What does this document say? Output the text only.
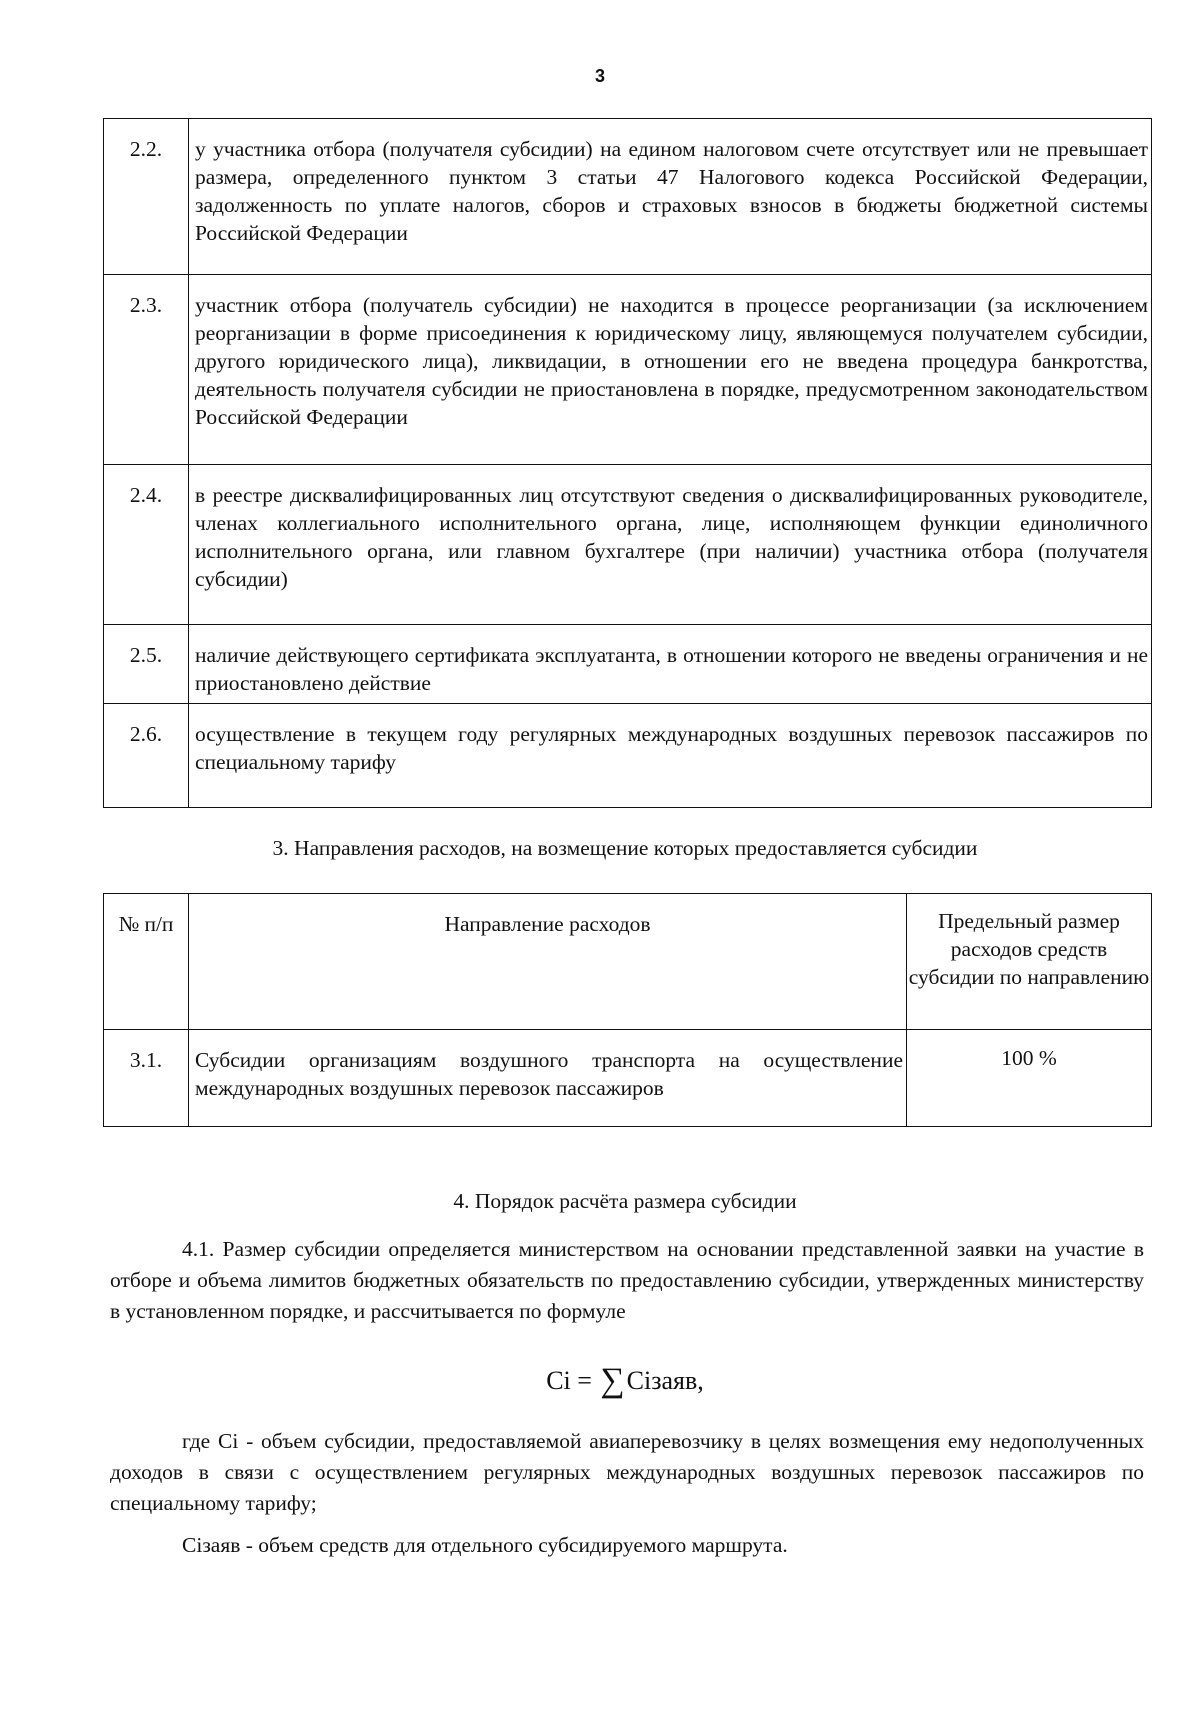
3
2.2.	у участника отбора (получателя субсидии) на едином налоговом счете отсутствует или не превышает размера, определенного пунктом 3 статьи 47 Налогового кодекса Российской Федерации, задолженность по уплате налогов, сборов и страховых взносов в бюджеты бюджетной системы Российской Федерации
2.3.	участник отбора (получатель субсидии) не находится в процессе реорганизации (за исключением реорганизации в форме присоединения к юридическому лицу, являющемуся получателем субсидии, другого юридического лица), ликвидации, в отношении его не введена процедура банкротства, деятельность получателя субсидии не приостановлена в порядке, предусмотренном законодательством Российской Федерации
2.4.	в реестре дисквалифицированных лиц отсутствуют сведения о дисквалифицированных руководителе, членах коллегиального исполнительного органа, лице, исполняющем функции единоличного исполнительного органа, или главном бухгалтере (при наличии) участника отбора (получателя субсидии)
2.5.	наличие действующего сертификата эксплуатанта, в отношении которого не введены ограничения и не приостановлено действие
2.6.	осуществление в текущем году регулярных международных воздушных перевозок пассажиров по специальному тарифу
3. Направления расходов, на возмещение которых предоставляется субсидии
№ п/п	Направление расходов	Предельный размер расходов средств субсидии по направлению
3.1.	Субсидии организациям воздушного транспорта на осуществление международных воздушных перевозок пассажиров	100 %
4. Порядок расчёта размера субсидии
4.1. Размер субсидии определяется министерством на основании представленной заявки на участие в отборе и объема лимитов бюджетных обязательств по предоставлению субсидии, утвержденных министерству в установленном порядке, и рассчитывается по формуле
Ci = ∑Ciзаяв,
где Ci - объем субсидии, предоставляемой авиаперевозчику в целях возмещения ему недополученных доходов в связи с осуществлением регулярных международных воздушных перевозок пассажиров по специальному тарифу;
Ciзаяв - объем средств для отдельного субсидируемого маршрута.
